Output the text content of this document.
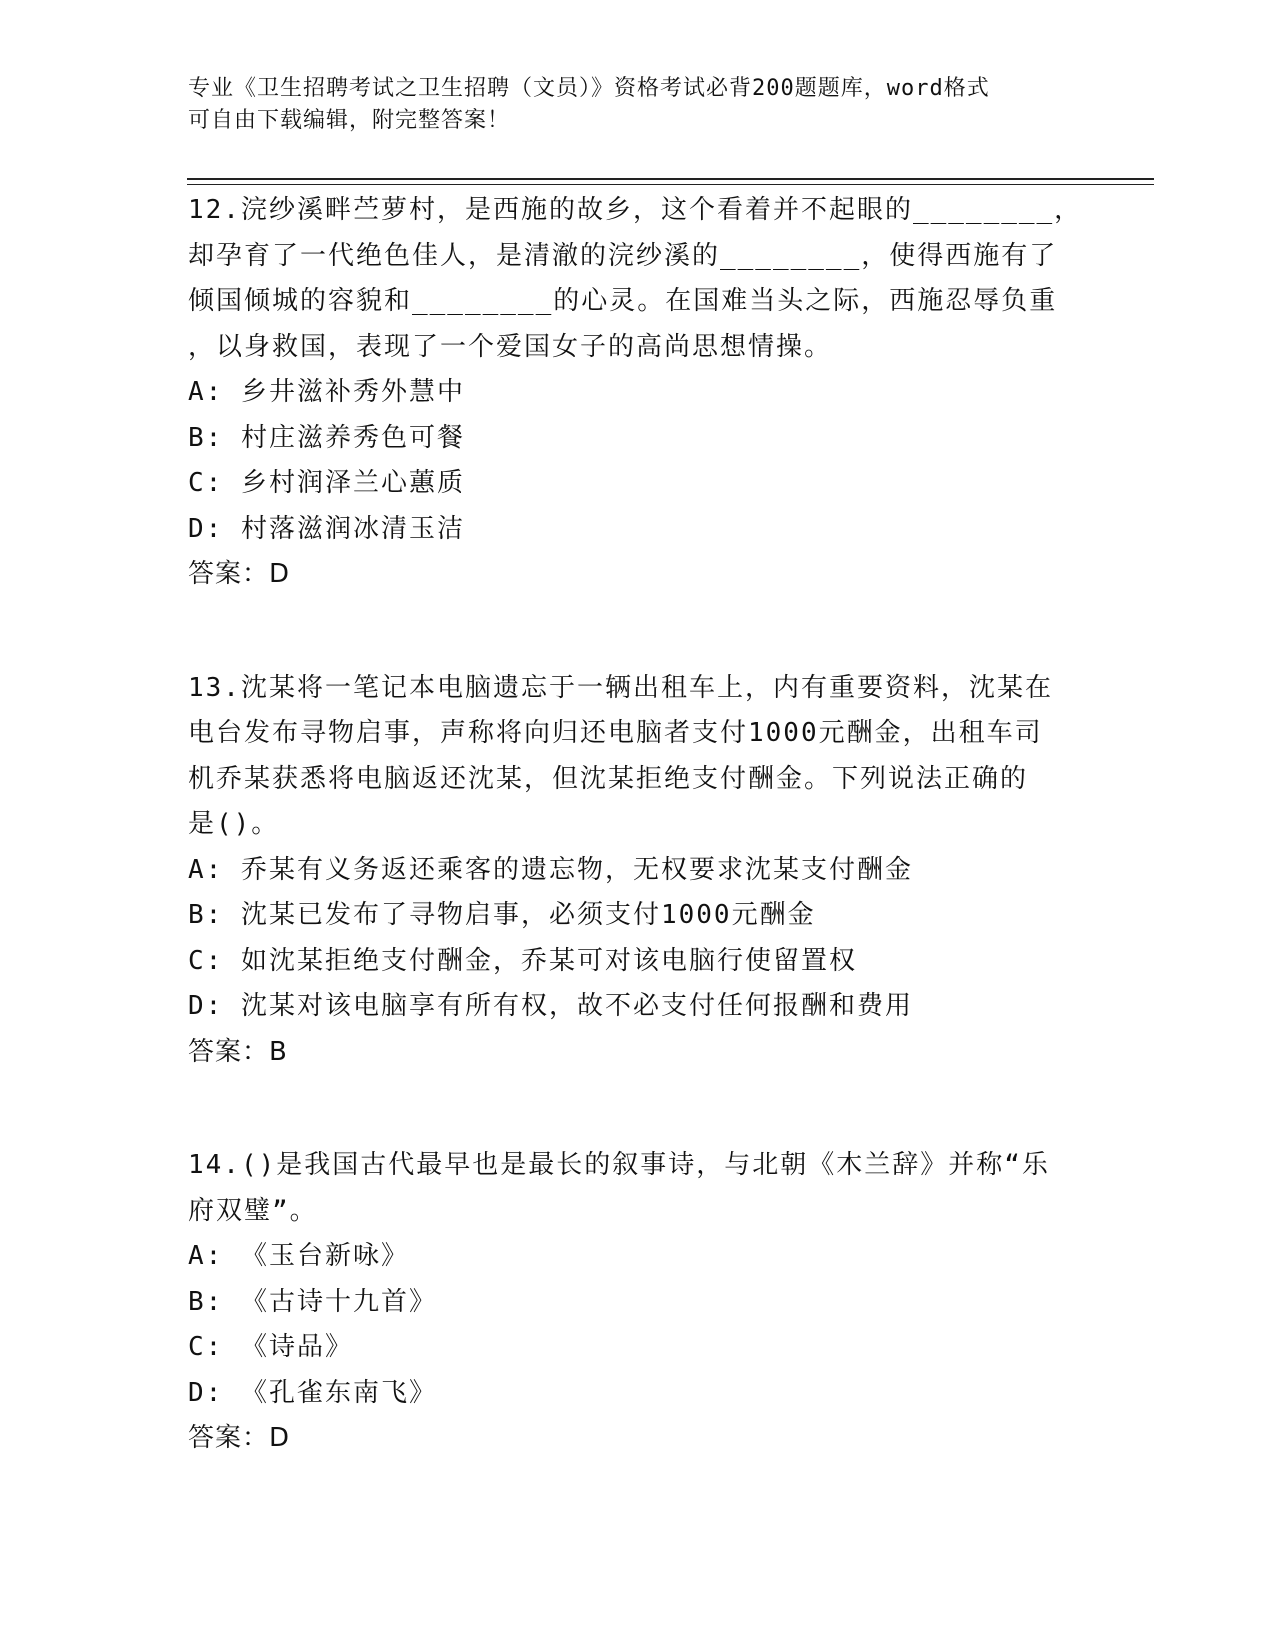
专业《卫生招聘考试之卫生招聘（文员）》资格考试必背200题题库，word格式
可自由下载编辑，附完整答案！
12.浣纱溪畔苎萝村，是西施的故乡，这个看着并不起眼的________，
却孕育了一代绝色佳人，是清澈的浣纱溪的________，使得西施有了
倾国倾城的容貌和________的心灵。在国难当头之际，西施忍辱负重
，以身救国，表现了一个爱国女子的高尚思想情操。
A: 乡井滋补秀外慧中
B: 村庄滋养秀色可餐
C: 乡村润泽兰心蕙质
D: 村落滋润冰清玉洁
答案：D
13.沈某将一笔记本电脑遗忘于一辆出租车上，内有重要资料，沈某在
电台发布寻物启事，声称将向归还电脑者支付1000元酬金，出租车司
机乔某获悉将电脑返还沈某，但沈某拒绝支付酬金。下列说法正确的
是()。
A: 乔某有义务返还乘客的遗忘物，无权要求沈某支付酬金
B: 沈某已发布了寻物启事，必须支付1000元酬金
C: 如沈某拒绝支付酬金，乔某可对该电脑行使留置权
D: 沈某对该电脑享有所有权，故不必支付任何报酬和费用
答案：B
14.()是我国古代最早也是最长的叙事诗，与北朝《木兰辞》并称“乐
府双璧”。
A: 《玉台新咏》
B: 《古诗十九首》
C: 《诗品》
D: 《孔雀东南飞》
答案：D
